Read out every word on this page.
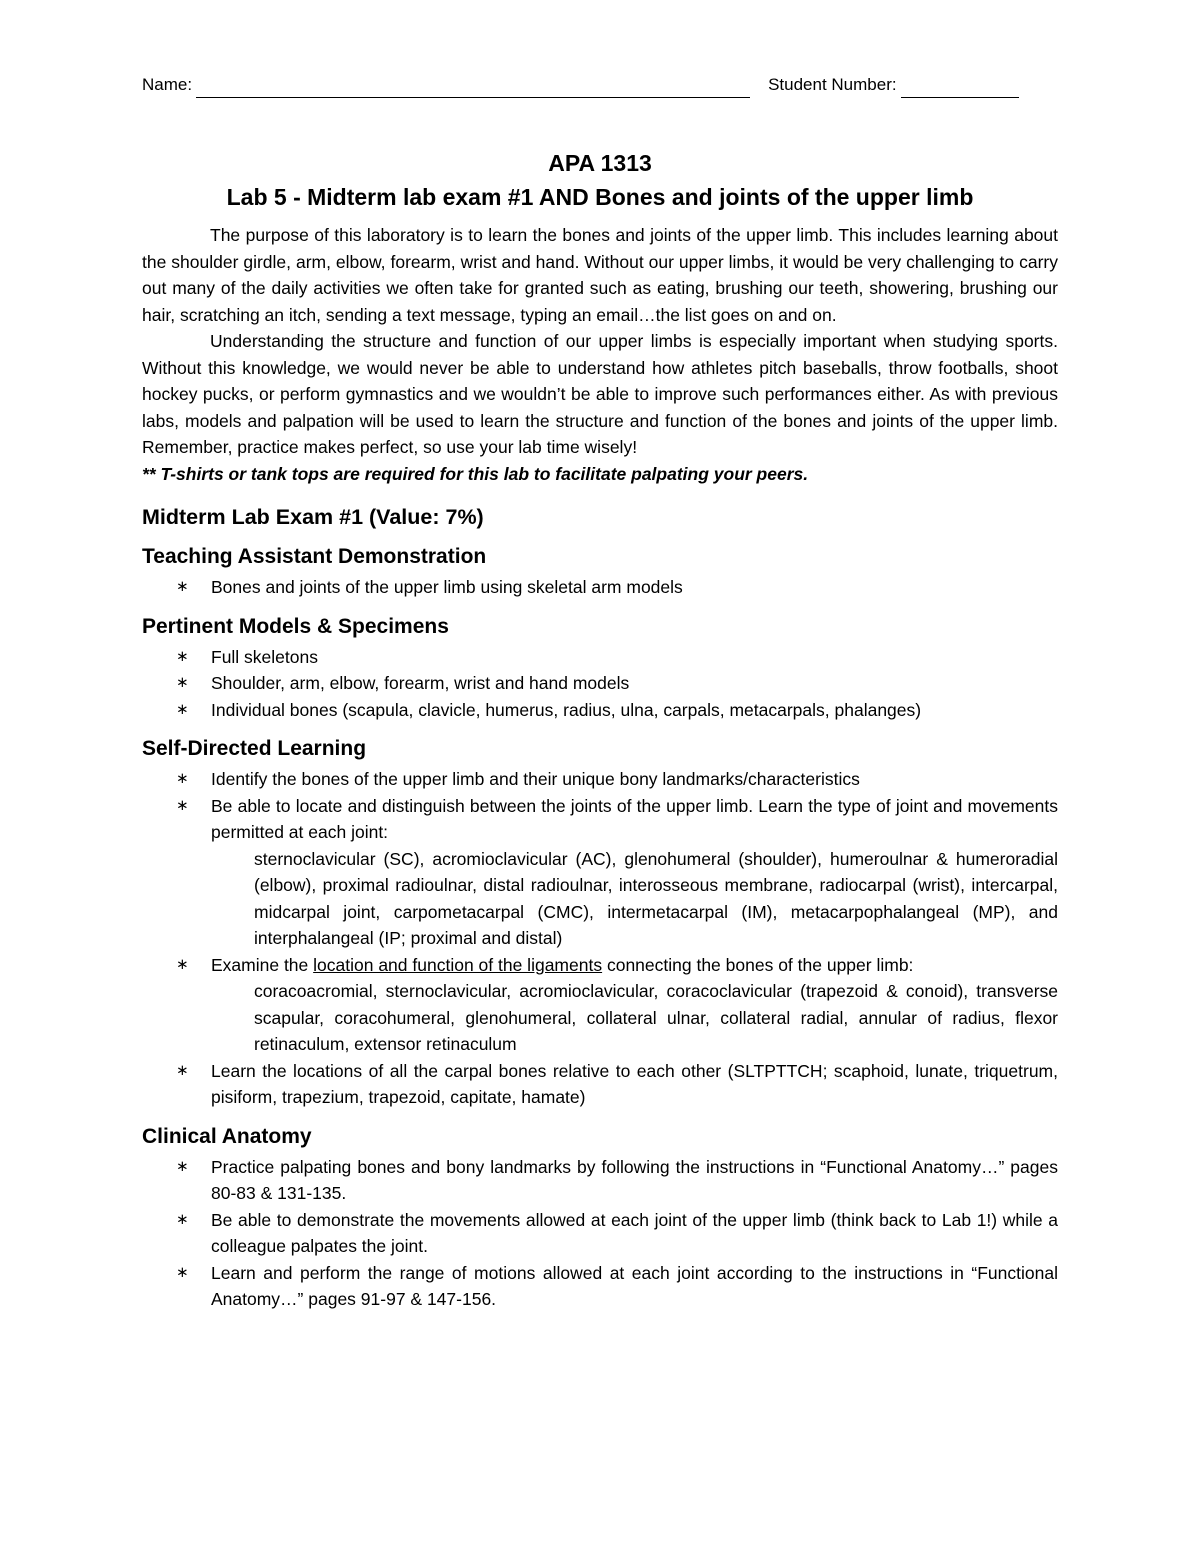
Name:	Student Number:
APA 1313
Lab 5 - Midterm lab exam #1 AND Bones and joints of the upper limb

The purpose of this laboratory is to learn the bones and joints of the upper limb. This includes learning about the shoulder girdle, arm, elbow, forearm, wrist and hand. Without our upper limbs, it would be very challenging to carry out many of the daily activities we often take for granted such as eating, brushing our teeth, showering, brushing our hair, scratching an itch, sending a text message, typing an email…the list goes on and on.

Understanding the structure and function of our upper limbs is especially important when studying sports. Without this knowledge, we would never be able to understand how athletes pitch baseballs, throw footballs, shoot hockey pucks, or perform gymnastics and we wouldn’t be able to improve such performances either. As with previous labs, models and palpation will be used to learn the structure and function of the bones and joints of the upper limb. Remember, practice makes perfect, so use your lab time wisely!

** T-shirts or tank tops are required for this lab to facilitate palpating your peers.

Midterm Lab Exam #1 (Value: 7%)
Teaching Assistant Demonstration
∗ Bones and joints of the upper limb using skeletal arm models
Pertinent Models & Specimens
∗ Full skeletons
∗ Shoulder, arm, elbow, forearm, wrist and hand models
∗ Individual bones (scapula, clavicle, humerus, radius, ulna, carpals, metacarpals, phalanges)
Self-Directed Learning
∗ Identify the bones of the upper limb and their unique bony landmarks/characteristics
∗ Be able to locate and distinguish between the joints of the upper limb. Learn the type of joint and movements permitted at each joint:
sternoclavicular (SC), acromioclavicular (AC), glenohumeral (shoulder), humeroulnar & humeroradial (elbow), proximal radioulnar, distal radioulnar, interosseous membrane, radiocarpal (wrist), intercarpal, midcarpal joint, carpometacarpal (CMC), intermetacarpal (IM), metacarpophalangeal (MP), and interphalangeal (IP; proximal and distal)
∗ Examine the location and function of the ligaments connecting the bones of the upper limb:
coracoacromial, sternoclavicular, acromioclavicular, coracoclavicular (trapezoid & conoid), transverse scapular, coracohumeral, glenohumeral, collateral ulnar, collateral radial, annular of radius, flexor retinaculum, extensor retinaculum
∗ Learn the locations of all the carpal bones relative to each other (SLTPTTCH; scaphoid, lunate, triquetrum, pisiform, trapezium, trapezoid, capitate, hamate)
Clinical Anatomy
∗ Practice palpating bones and bony landmarks by following the instructions in “Functional Anatomy…” pages 80-83 & 131-135.
∗ Be able to demonstrate the movements allowed at each joint of the upper limb (think back to Lab 1!) while a colleague palpates the joint.
∗ Learn and perform the range of motions allowed at each joint according to the instructions in “Functional Anatomy…” pages 91-97 & 147-156.
